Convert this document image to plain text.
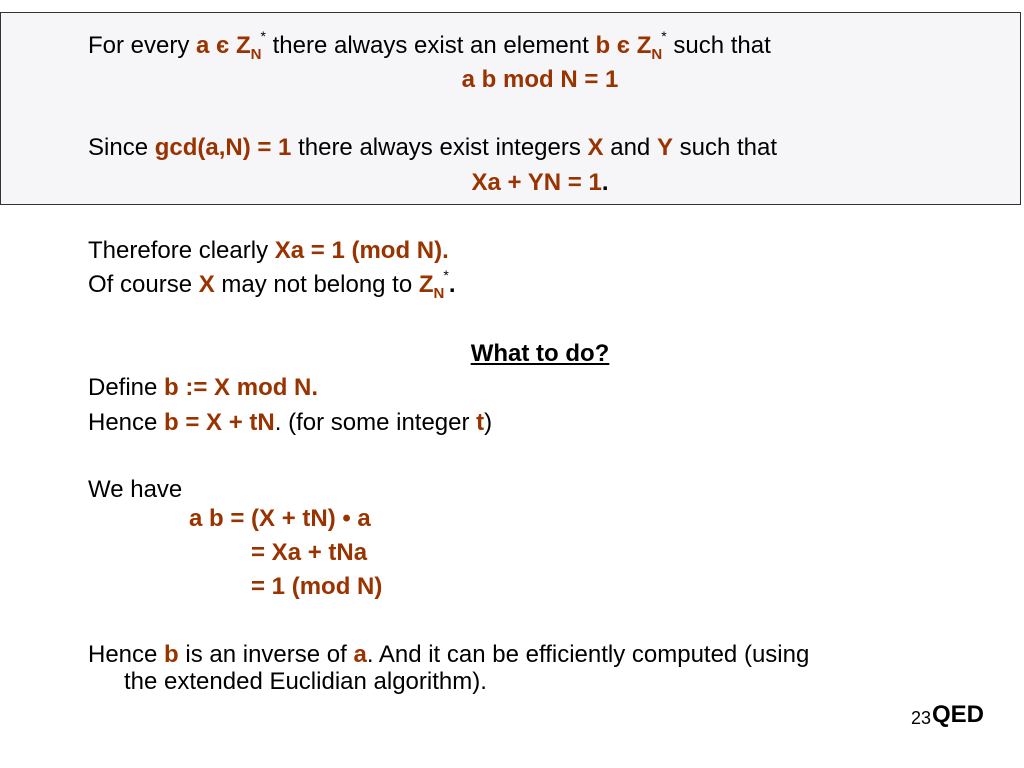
For every a є $Z_N^*$ there always exist an element b є $Z_N^*$ such that
a b mod N = 1
Since gcd(a,N) = 1 there always exist integers X and Y such that
Xa + YN = 1.
Therefore clearly Xa = 1 (mod N).
Of course X may not belong to $Z_N^*$.
What to do?
Define b := X mod N.
Hence b = X + tN. (for some integer t)
We have
a b = (X + tN) • a
= Xa + tNa
= 1 (mod N)
Hence b is an inverse of a. And it can be efficiently computed (using
the extended Euclidian algorithm).
23 QED
